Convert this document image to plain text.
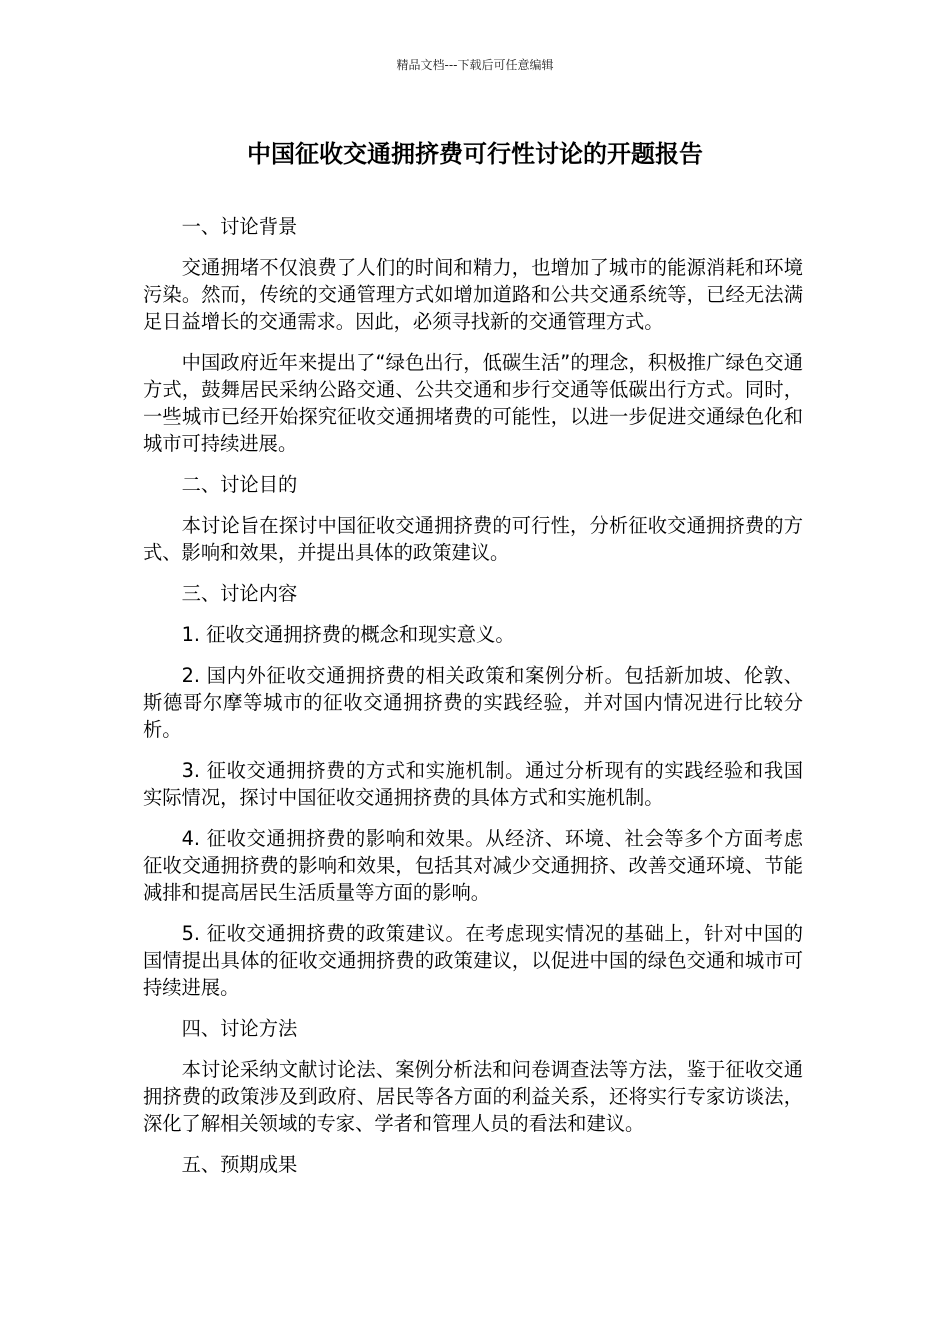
精品文档---下载后可任意编辑
中国征收交通拥挤费可行性讨论的开题报告

一、讨论背景

交通拥堵不仅浪费了人们的时间和精力，也增加了城市的能源消耗和环境污染。然而，传统的交通管理方式如增加道路和公共交通系统等，已经无法满足日益增长的交通需求。因此，必须寻找新的交通管理方式。

中国政府近年来提出了“绿色出行，低碳生活”的理念，积极推广绿色交通方式，鼓舞居民采纳公路交通、公共交通和步行交通等低碳出行方式。同时，一些城市已经开始探究征收交通拥堵费的可能性，以进一步促进交通绿色化和城市可持续进展。

二、讨论目的

本讨论旨在探讨中国征收交通拥挤费的可行性，分析征收交通拥挤费的方式、影响和效果，并提出具体的政策建议。

三、讨论内容

1. 征收交通拥挤费的概念和现实意义。

2. 国内外征收交通拥挤费的相关政策和案例分析。包括新加坡、伦敦、斯德哥尔摩等城市的征收交通拥挤费的实践经验，并对国内情况进行比较分析。

3. 征收交通拥挤费的方式和实施机制。通过分析现有的实践经验和我国实际情况，探讨中国征收交通拥挤费的具体方式和实施机制。

4. 征收交通拥挤费的影响和效果。从经济、环境、社会等多个方面考虑征收交通拥挤费的影响和效果，包括其对减少交通拥挤、改善交通环境、节能减排和提高居民生活质量等方面的影响。

5. 征收交通拥挤费的政策建议。在考虑现实情况的基础上，针对中国的国情提出具体的征收交通拥挤费的政策建议，以促进中国的绿色交通和城市可持续进展。

四、讨论方法

本讨论采纳文献讨论法、案例分析法和问卷调查法等方法，鉴于征收交通拥挤费的政策涉及到政府、居民等各方面的利益关系，还将实行专家访谈法，深化了解相关领域的专家、学者和管理人员的看法和建议。

五、预期成果
